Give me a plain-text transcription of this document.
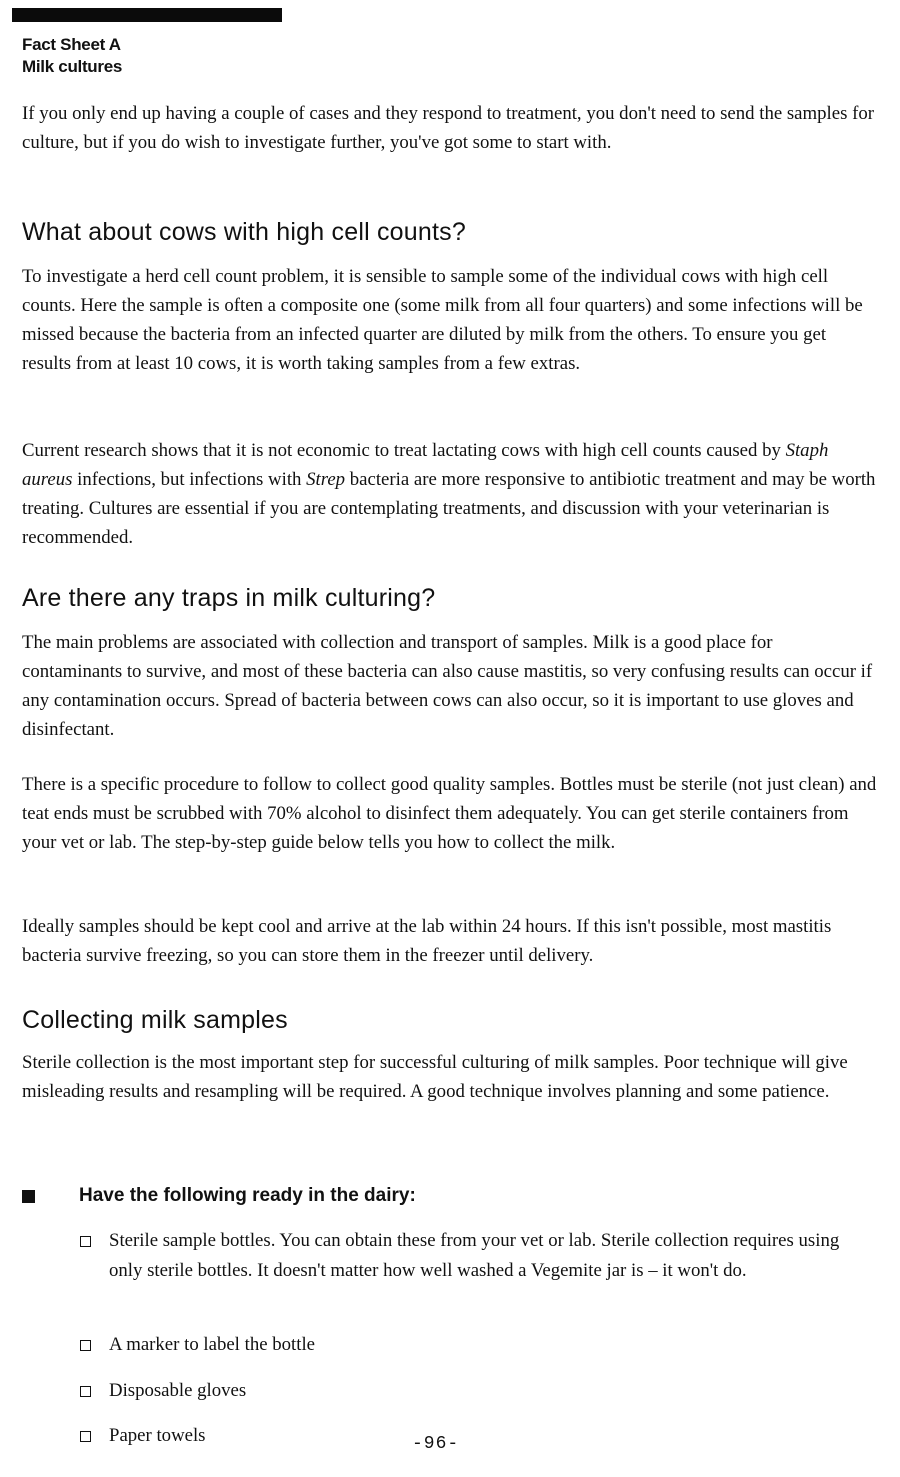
Fact Sheet A
Milk cultures

If you only end up having a couple of cases and they respond to treatment, you don't need to send the samples for culture, but if you do wish to investigate further, you've got some to start with.

What about cows with high cell counts?

To investigate a herd cell count problem, it is sensible to sample some of the individual cows with high cell counts. Here the sample is often a composite one (some milk from all four quarters) and some infections will be missed because the bacteria from an infected quarter are diluted by milk from the others. To ensure you get results from at least 10 cows, it is worth taking samples from a few extras.

Current research shows that it is not economic to treat lactating cows with high cell counts caused by Staph aureus infections, but infections with Strep bacteria are more responsive to antibiotic treatment and may be worth treating. Cultures are essential if you are contemplating treatments, and discussion with your veterinarian is recommended.

Are there any traps in milk culturing?

The main problems are associated with collection and transport of samples. Milk is a good place for contaminants to survive, and most of these bacteria can also cause mastitis, so very confusing results can occur if any contamination occurs. Spread of bacteria between cows can also occur, so it is important to use gloves and disinfectant.

There is a specific procedure to follow to collect good quality samples. Bottles must be sterile (not just clean) and teat ends must be scrubbed with 70% alcohol to disinfect them adequately. You can get sterile containers from your vet or lab. The step-by-step guide below tells you how to collect the milk.

Ideally samples should be kept cool and arrive at the lab within 24 hours. If this isn't possible, most mastitis bacteria survive freezing, so you can store them in the freezer until delivery.

Collecting milk samples

Sterile collection is the most important step for successful culturing of milk samples. Poor technique will give misleading results and resampling will be required. A good technique involves planning and some patience.

Have the following ready in the dairy:
Sterile sample bottles. You can obtain these from your vet or lab. Sterile collection requires using only sterile bottles. It doesn't matter how well washed a Vegemite jar is – it won't do.
A marker to label the bottle
Disposable gloves
Paper towels	-96-
